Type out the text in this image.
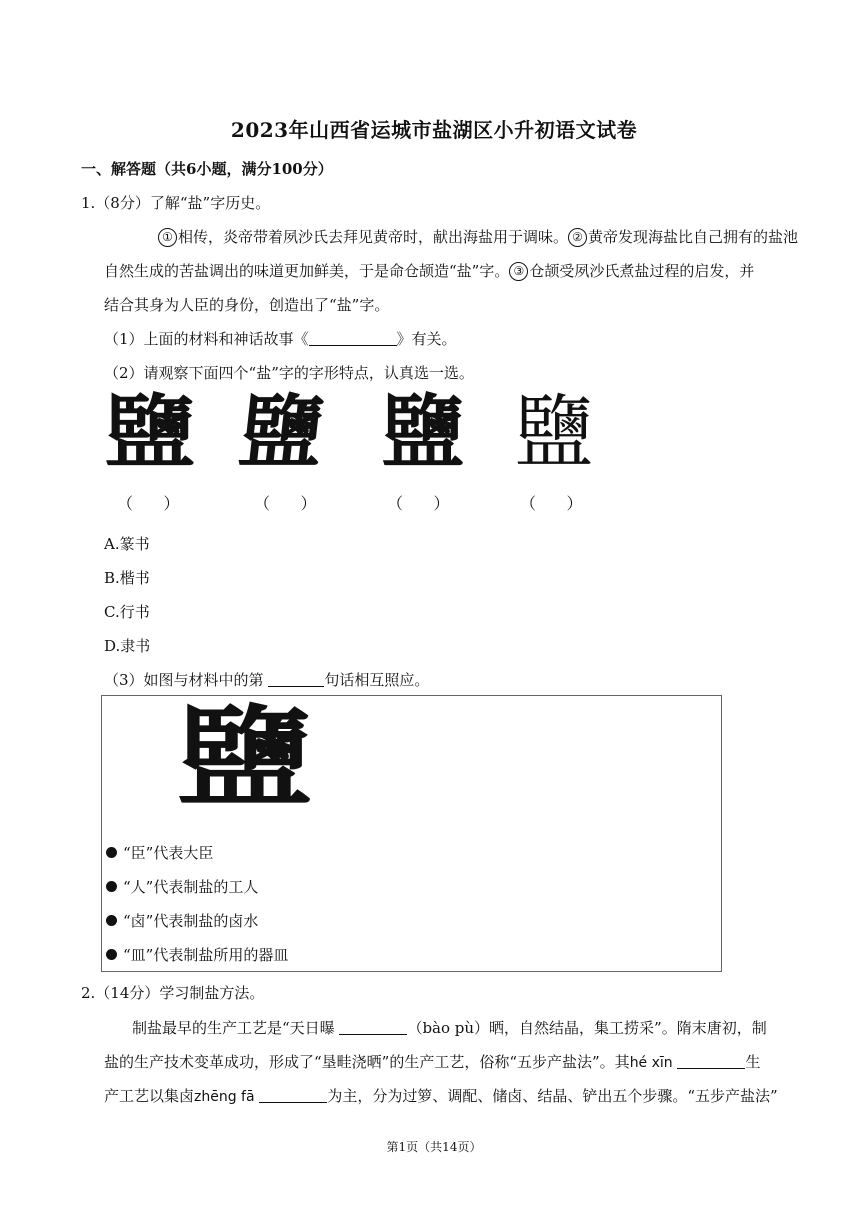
2023年山西省运城市盐湖区小升初语文试卷
一、解答题（共6小题，满分100分）
1.（8分）了解“盐”字历史。
① 相传，炎帝带着夙沙氏去拜见黄帝时，献出海盐用于调味。 ② 黄帝发现海盐比自己拥有的盐池
自然生成的苦盐调出的味道更加鲜美，于是命仓颉造“盐”字。 ③ 仓颉受夙沙氏煮盐过程的启发，并
结合其身为人臣的身份，创造出了“盐”字。
（1）上面的材料和神话故事《	》有关。
（2）请观察下面四个“盐”字的字形特点，认真选一选。
鹽 鹽 鹽 鹽
（      ）	（      ）	（      ）	（      ）
A.篆书
B.楷书
C.行书
D.隶书
（3）如图与材料中的第	句话相互照应。
鹽
“臣”代表大臣
“人”代表制盐的工人
“卤”代表制盐的卤水
“皿”代表制盐所用的器皿
2.（14分）学习制盐方法。
制盐最早的生产工艺是“天日曝	（bào pù）晒，自然结晶，集工捞采”。隋末唐初，制
盐的生产技术变革成功，形成了“垦畦浇晒”的生产工艺，俗称“五步产盐法”。其hé xīn	生
产工艺以集卤zhēng fā	为主，分为过箩、调配、储卤、结晶、铲出五个步骤。“五步产盐法”
第1页（共14页）
